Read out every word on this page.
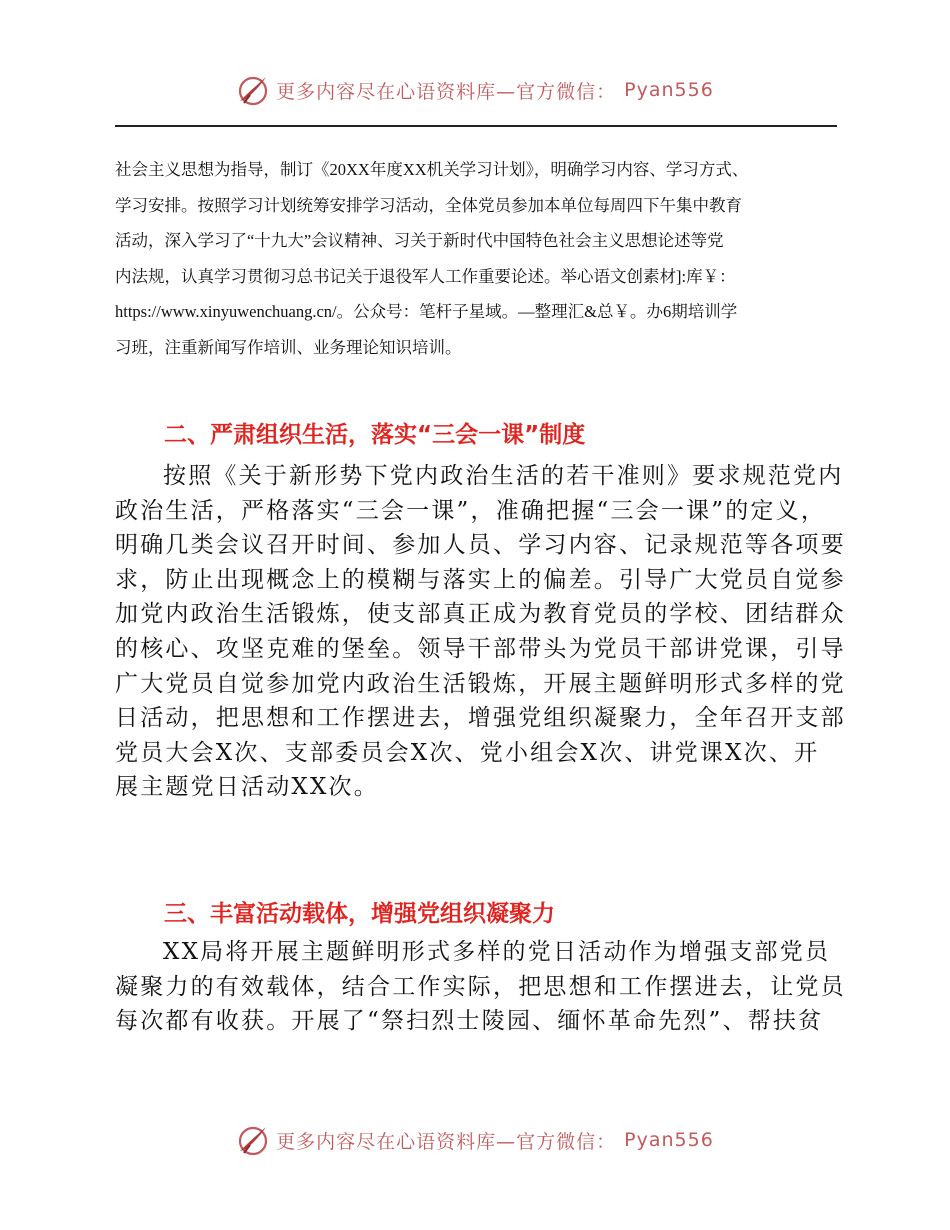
更多内容尽在心语资料库—官方微信： Pyan556
社会主义思想为指导，制订《20XX年度XX机关学习计划》，明确学习内容、学习方式、
学习安排。按照学习计划统筹安排学习活动，全体党员参加本单位每周四下午集中教育
活动，深入学习了“十九大”会议精神、习关于新时代中国特色社会主义思想论述等党
内法规，认真学习贯彻习总书记关于退役军人工作重要论述。举心语文创素材]:库￥：
https://www.xinyuwenchuang.cn/。公众号：笔杆子星域。—整理汇&总￥。办6期培训学
习班，注重新闻写作培训、业务理论知识培训。
二、严肃组织生活，落实“三会一课”制度
按照《关于新形势下党内政治生活的若干准则》要求规范党内
政治生活，严格落实“三会一课”，准确把握“三会一课”的定义，
明确几类会议召开时间、参加人员、学习内容、记录规范等各项要
求，防止出现概念上的模糊与落实上的偏差。引导广大党员自觉参
加党内政治生活锻炼，使支部真正成为教育党员的学校、团结群众
的核心、攻坚克难的堡垒。领导干部带头为党员干部讲党课，引导
广大党员自觉参加党内政治生活锻炼，开展主题鲜明形式多样的党
日活动，把思想和工作摆进去，增强党组织凝聚力，全年召开支部
党员大会X次、支部委员会X次、党小组会X次、讲党课X次、开
展主题党日活动XX次。
三、丰富活动载体，增强党组织凝聚力
XX局将开展主题鲜明形式多样的党日活动作为增强支部党员
凝聚力的有效载体，结合工作实际，把思想和工作摆进去，让党员
每次都有收获。开展了“祭扫烈士陵园、缅怀革命先烈”、帮扶贫
更多内容尽在心语资料库—官方微信： Pyan556
